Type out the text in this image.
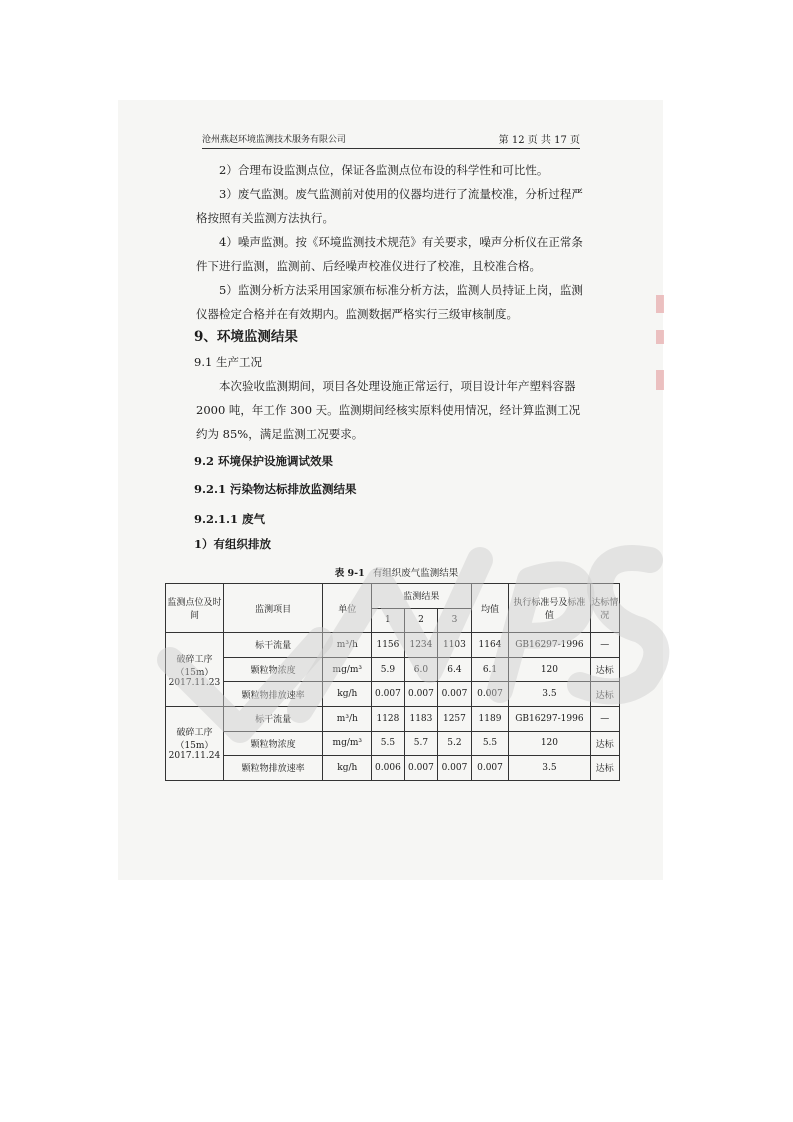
沧州燕赵环境监测技术服务有限公司	第 12 页 共 17 页
2）合理布设监测点位，保证各监测点位布设的科学性和可比性。
3）废气监测。废气监测前对使用的仪器均进行了流量校准，分析过程严格按照有关监测方法执行。
4）噪声监测。按《环境监测技术规范》有关要求，噪声分析仪在正常条件下进行监测，监测前、后经噪声校准仪进行了校准，且校准合格。
5）监测分析方法采用国家颁布标准分析方法，监测人员持证上岗，监测仪器检定合格并在有效期内。监测数据严格实行三级审核制度。
9、环境监测结果
9.1 生产工况
本次验收监测期间，项目各处理设施正常运行，项目设计年产塑料容器 2000 吨，年工作 300 天。监测期间经核实原料使用情况，经计算监测工况约为 85%，满足监测工况要求。
9.2 环境保护设施调试效果
9.2.1 污染物达标排放监测结果
9.2.1.1 废气
1）有组织排放
表 9-1 有组织废气监测结果
监测点位及时间	监测项目	单位	监测结果			均值	执行标准号及标准值	达标情况
			1	2	3			
破碎工序（15m）2017.11.23	标干流量	m³/h	1156	1234	1103	1164	GB16297-1996	—
	颗粒物浓度	mg/m³	5.9	6.0	6.4	6.1	120	达标
	颗粒物排放速率	kg/h	0.007	0.007	0.007	0.007	3.5	达标
破碎工序（15m）2017.11.24	标干流量	m³/h	1128	1183	1257	1189	GB16297-1996	—
	颗粒物浓度	mg/m³	5.5	5.7	5.2	5.5	120	达标
	颗粒物排放速率	kg/h	0.006	0.007	0.007	0.007	3.5	达标
